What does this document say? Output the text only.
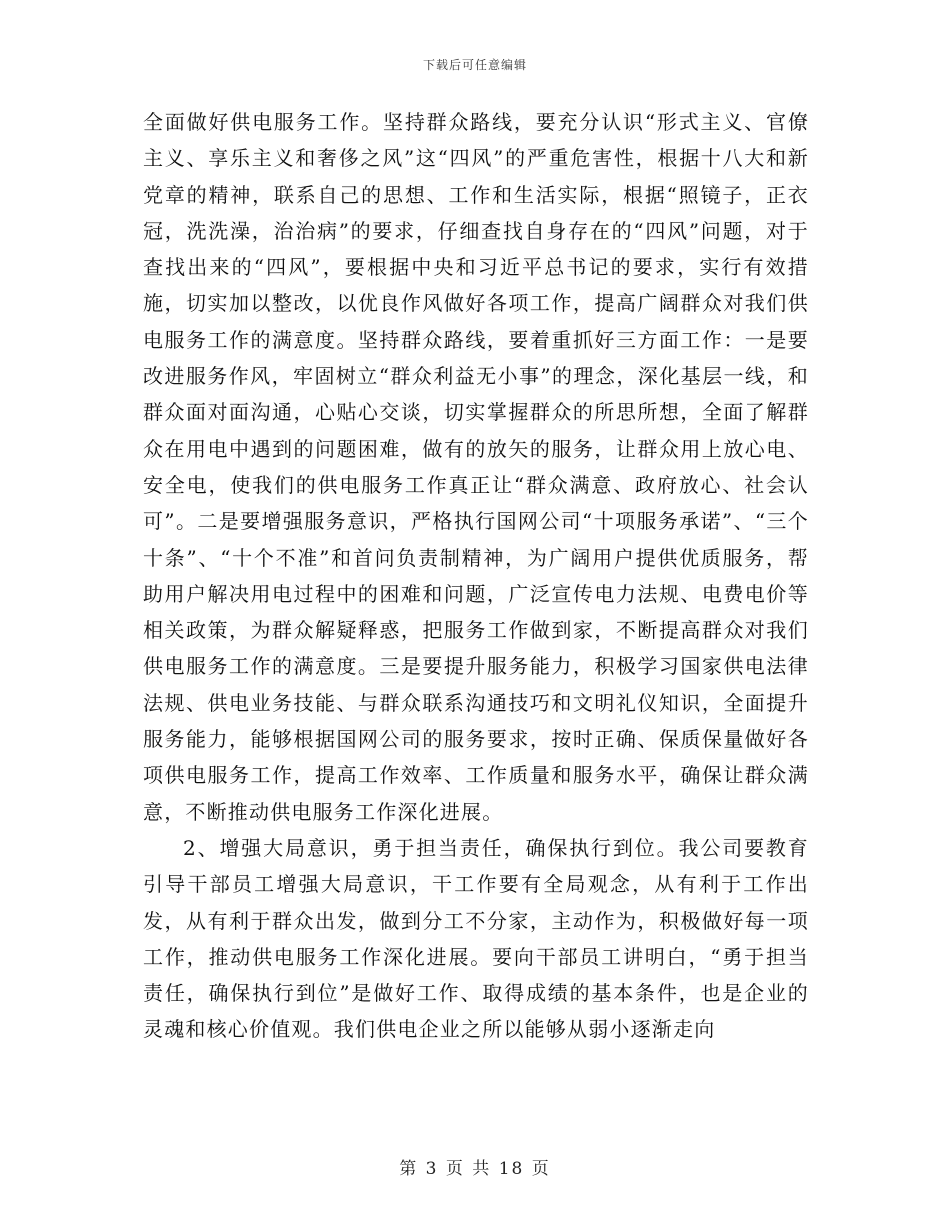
下载后可任意编辑

全面做好供电服务工作。坚持群众路线，要充分认识“形式主义、官僚主义、享乐主义和奢侈之风”这“四风”的严重危害性，根据十八大和新党章的精神，联系自己的思想、工作和生活实际，根据“照镜子，正衣冠，洗洗澡，治治病”的要求，仔细查找自身存在的“四风”问题，对于查找出来的“四风”，要根据中央和习近平总书记的要求，实行有效措施，切实加以整改，以优良作风做好各项工作，提高广阔群众对我们供电服务工作的满意度。坚持群众路线，要着重抓好三方面工作：一是要改进服务作风，牢固树立“群众利益无小事”的理念，深化基层一线，和群众面对面沟通，心贴心交谈，切实掌握群众的所思所想，全面了解群众在用电中遇到的问题困难，做有的放矢的服务，让群众用上放心电、安全电，使我们的供电服务工作真正让“群众满意、政府放心、社会认可”。二是要增强服务意识，严格执行国网公司“十项服务承诺”、“三个十条”、“十个不准”和首问负责制精神，为广阔用户提供优质服务，帮助用户解决用电过程中的困难和问题，广泛宣传电力法规、电费电价等相关政策，为群众解疑释惑，把服务工作做到家，不断提高群众对我们供电服务工作的满意度。三是要提升服务能力，积极学习国家供电法律法规、供电业务技能、与群众联系沟通技巧和文明礼仪知识，全面提升服务能力，能够根据国网公司的服务要求，按时正确、保质保量做好各项供电服务工作，提高工作效率、工作质量和服务水平，确保让群众满意，不断推动供电服务工作深化进展。

2、增强大局意识，勇于担当责任，确保执行到位。我公司要教育引导干部员工增强大局意识，干工作要有全局观念，从有利于工作出发，从有利于群众出发，做到分工不分家，主动作为，积极做好每一项工作，推动供电服务工作深化进展。要向干部员工讲明白，“勇于担当责任，确保执行到位”是做好工作、取得成绩的基本条件，也是企业的灵魂和核心价值观。我们供电企业之所以能够从弱小逐渐走向

第 3 页 共 18 页
